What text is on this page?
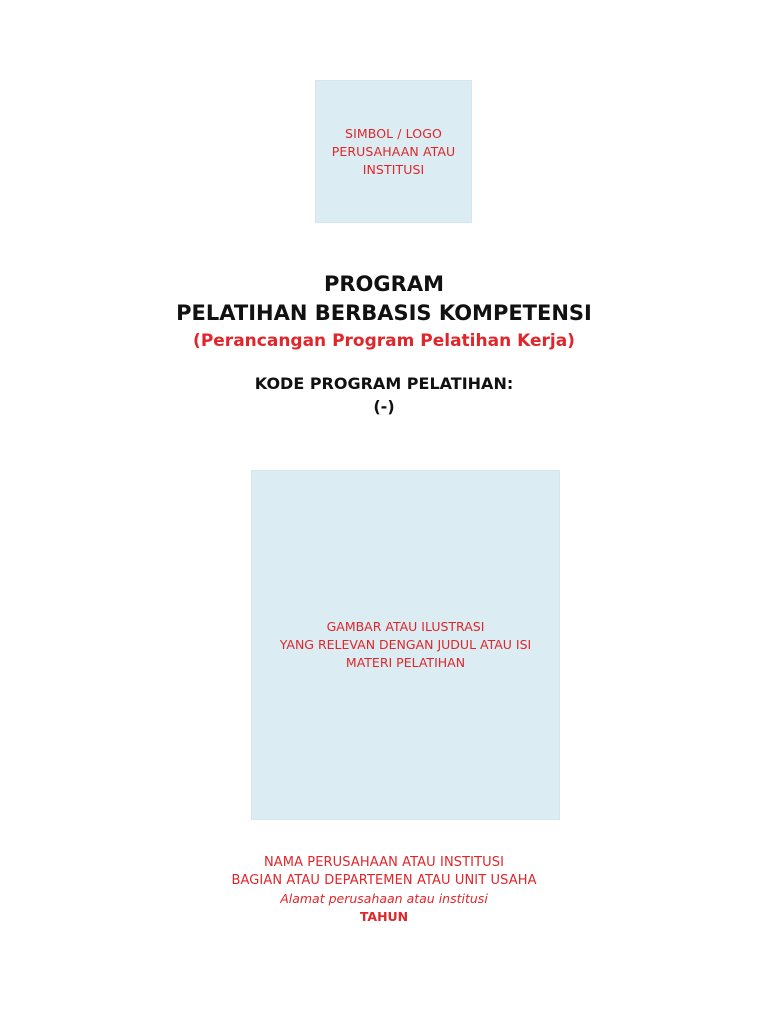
SIMBOL / LOGO
PERUSAHAAN ATAU
INSTITUSI
PROGRAM
PELATIHAN BERBASIS KOMPETENSI
(Perancangan Program Pelatihan Kerja)
KODE PROGRAM PELATIHAN:
(-)
GAMBAR ATAU ILUSTRASI
YANG RELEVAN DENGAN JUDUL ATAU ISI
MATERI PELATIHAN
NAMA PERUSAHAAN ATAU INSTITUSI
BAGIAN ATAU DEPARTEMEN ATAU UNIT USAHA
Alamat perusahaan atau institusi
TAHUN
